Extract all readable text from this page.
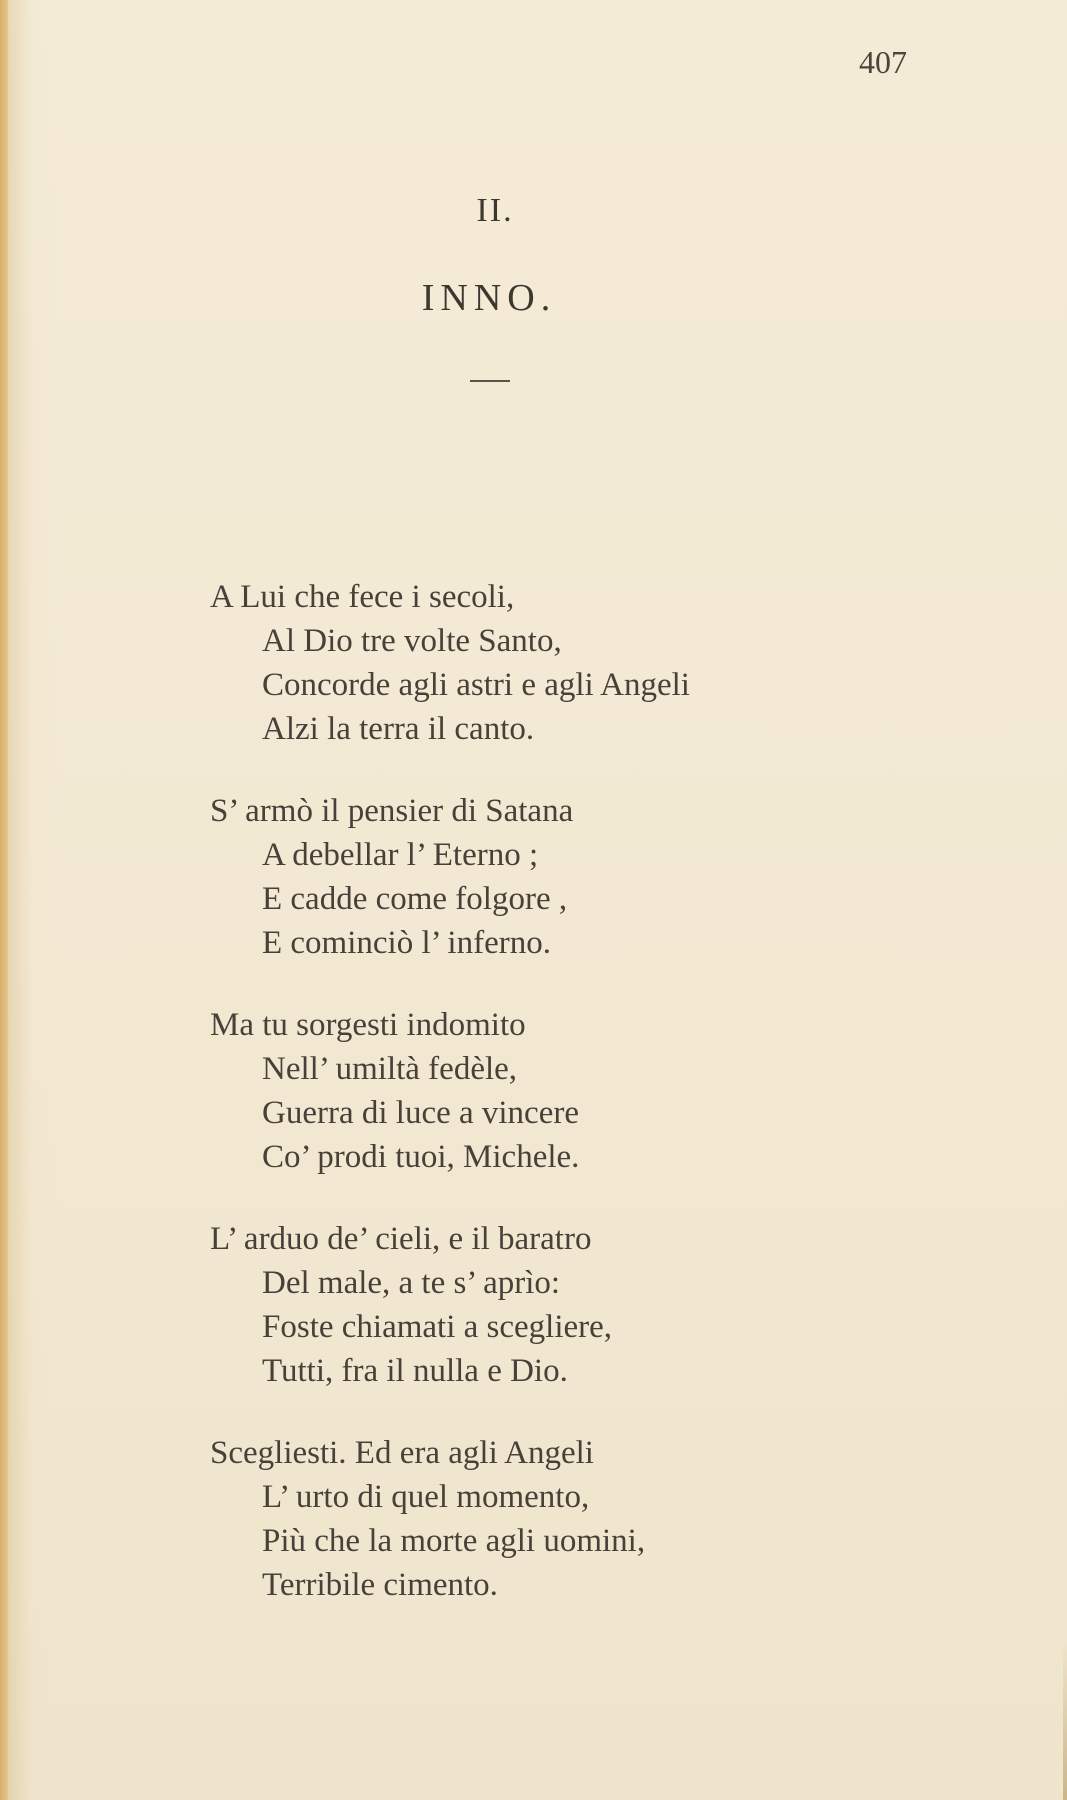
407
II.
INNO.
A Lui che fece i secoli,
Al Dio tre volte Santo,
Concorde agli astri e agli Angeli
Alzi la terra il canto.
S’ armò il pensier di Satana
A debellar l’ Eterno ;
E cadde come folgore ,
E cominciò l’ inferno.
Ma tu sorgesti indomito
Nell’ umiltà fedèle,
Guerra di luce a vincere
Co’ prodi tuoi, Michele.
L’ arduo de’ cieli, e il baratro
Del male, a te s’ aprìo:
Foste chiamati a scegliere,
Tutti, fra il nulla e Dio.
Scegliesti. Ed era agli Angeli
L’ urto di quel momento,
Più che la morte agli uomini,
Terribile cimento.
